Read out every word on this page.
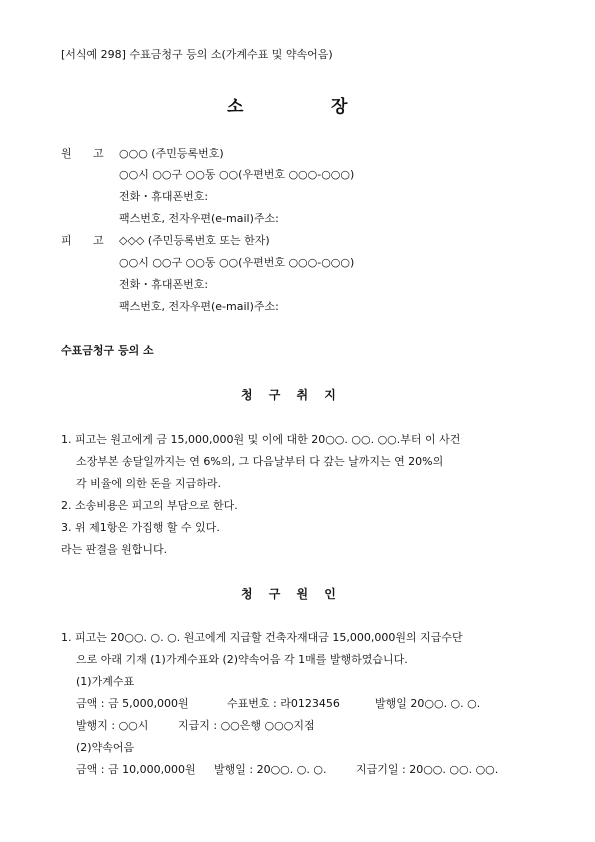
[서식예 298] 수표금청구 등의 소(가계수표 및 약속어음)
소	장
원 고 ○○○ (주민등록번호)
○○시 ○○구 ○○동 ○○(우편번호 ○○○-○○○)
전화・휴대폰번호:
팩스번호, 전자우편(e-mail)주소:
피 고 ◇◇◇ (주민등록번호 또는 한자)
○○시 ○○구 ○○동 ○○(우편번호 ○○○-○○○)
전화・휴대폰번호:
팩스번호, 전자우편(e-mail)주소:
수표금청구 등의 소
청 구 취 지
1. 피고는 원고에게 금 15,000,000원 및 이에 대한 20○○. ○○. ○○.부터 이 사건
소장부본 송달일까지는 연 6%의, 그 다음날부터 다 갚는 날까지는 연 20%의
각 비율에 의한 돈을 지급하라.
2. 소송비용은 피고의 부담으로 한다.
3. 위 제1항은 가집행 할 수 있다.
라는 판결을 원합니다.
청 구 원 인
1. 피고는 20○○. ○. ○. 원고에게 지급할 건축자재대금 15,000,000원의 지급수단
으로 아래 기재 (1)가계수표와 (2)약속어음 각 1매를 발행하였습니다.
(1)가계수표
금액 : 금 5,000,000원	수표번호 : 라0123456	발행일 20○○. ○. ○.
발행지 : ○○시	지급지 : ○○은행 ○○○지점
(2)약속어음
금액 : 금 10,000,000원 발행일 : 20○○. ○. ○.	지급기일 : 20○○. ○○. ○○.
